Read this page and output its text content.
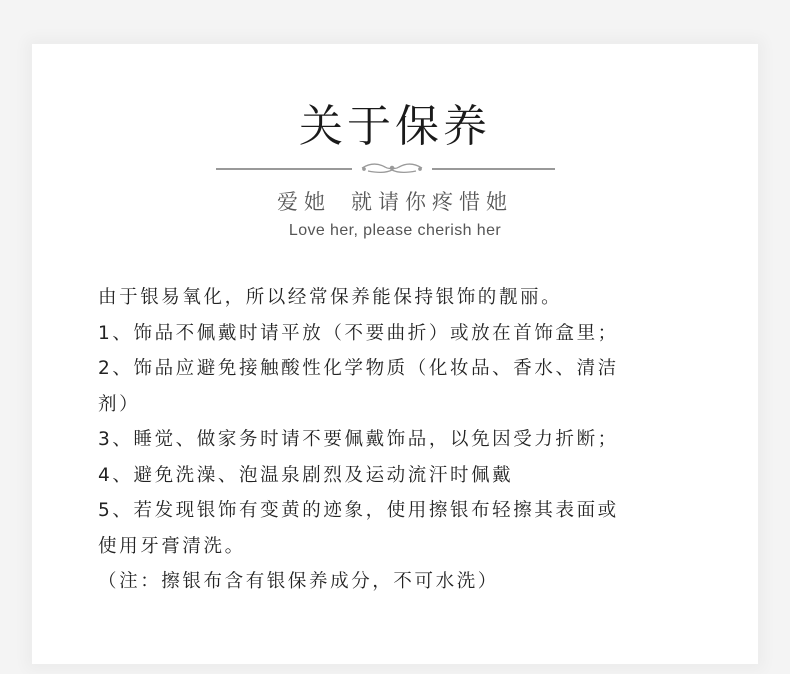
关于保养
爱她 就请你疼惜她
Love her, please cherish her

由于银易氧化，所以经常保养能保持银饰的靓丽。

1、饰品不佩戴时请平放（不要曲折）或放在首饰盒里；

2、饰品应避免接触酸性化学物质（化妆品、香水、清洁

剂）

3、睡觉、做家务时请不要佩戴饰品，以免因受力折断；

4、避免洗澡、泡温泉剧烈及运动流汗时佩戴

5、若发现银饰有变黄的迹象，使用擦银布轻擦其表面或

使用牙膏清洗。

（注：擦银布含有银保养成分，不可水洗）
